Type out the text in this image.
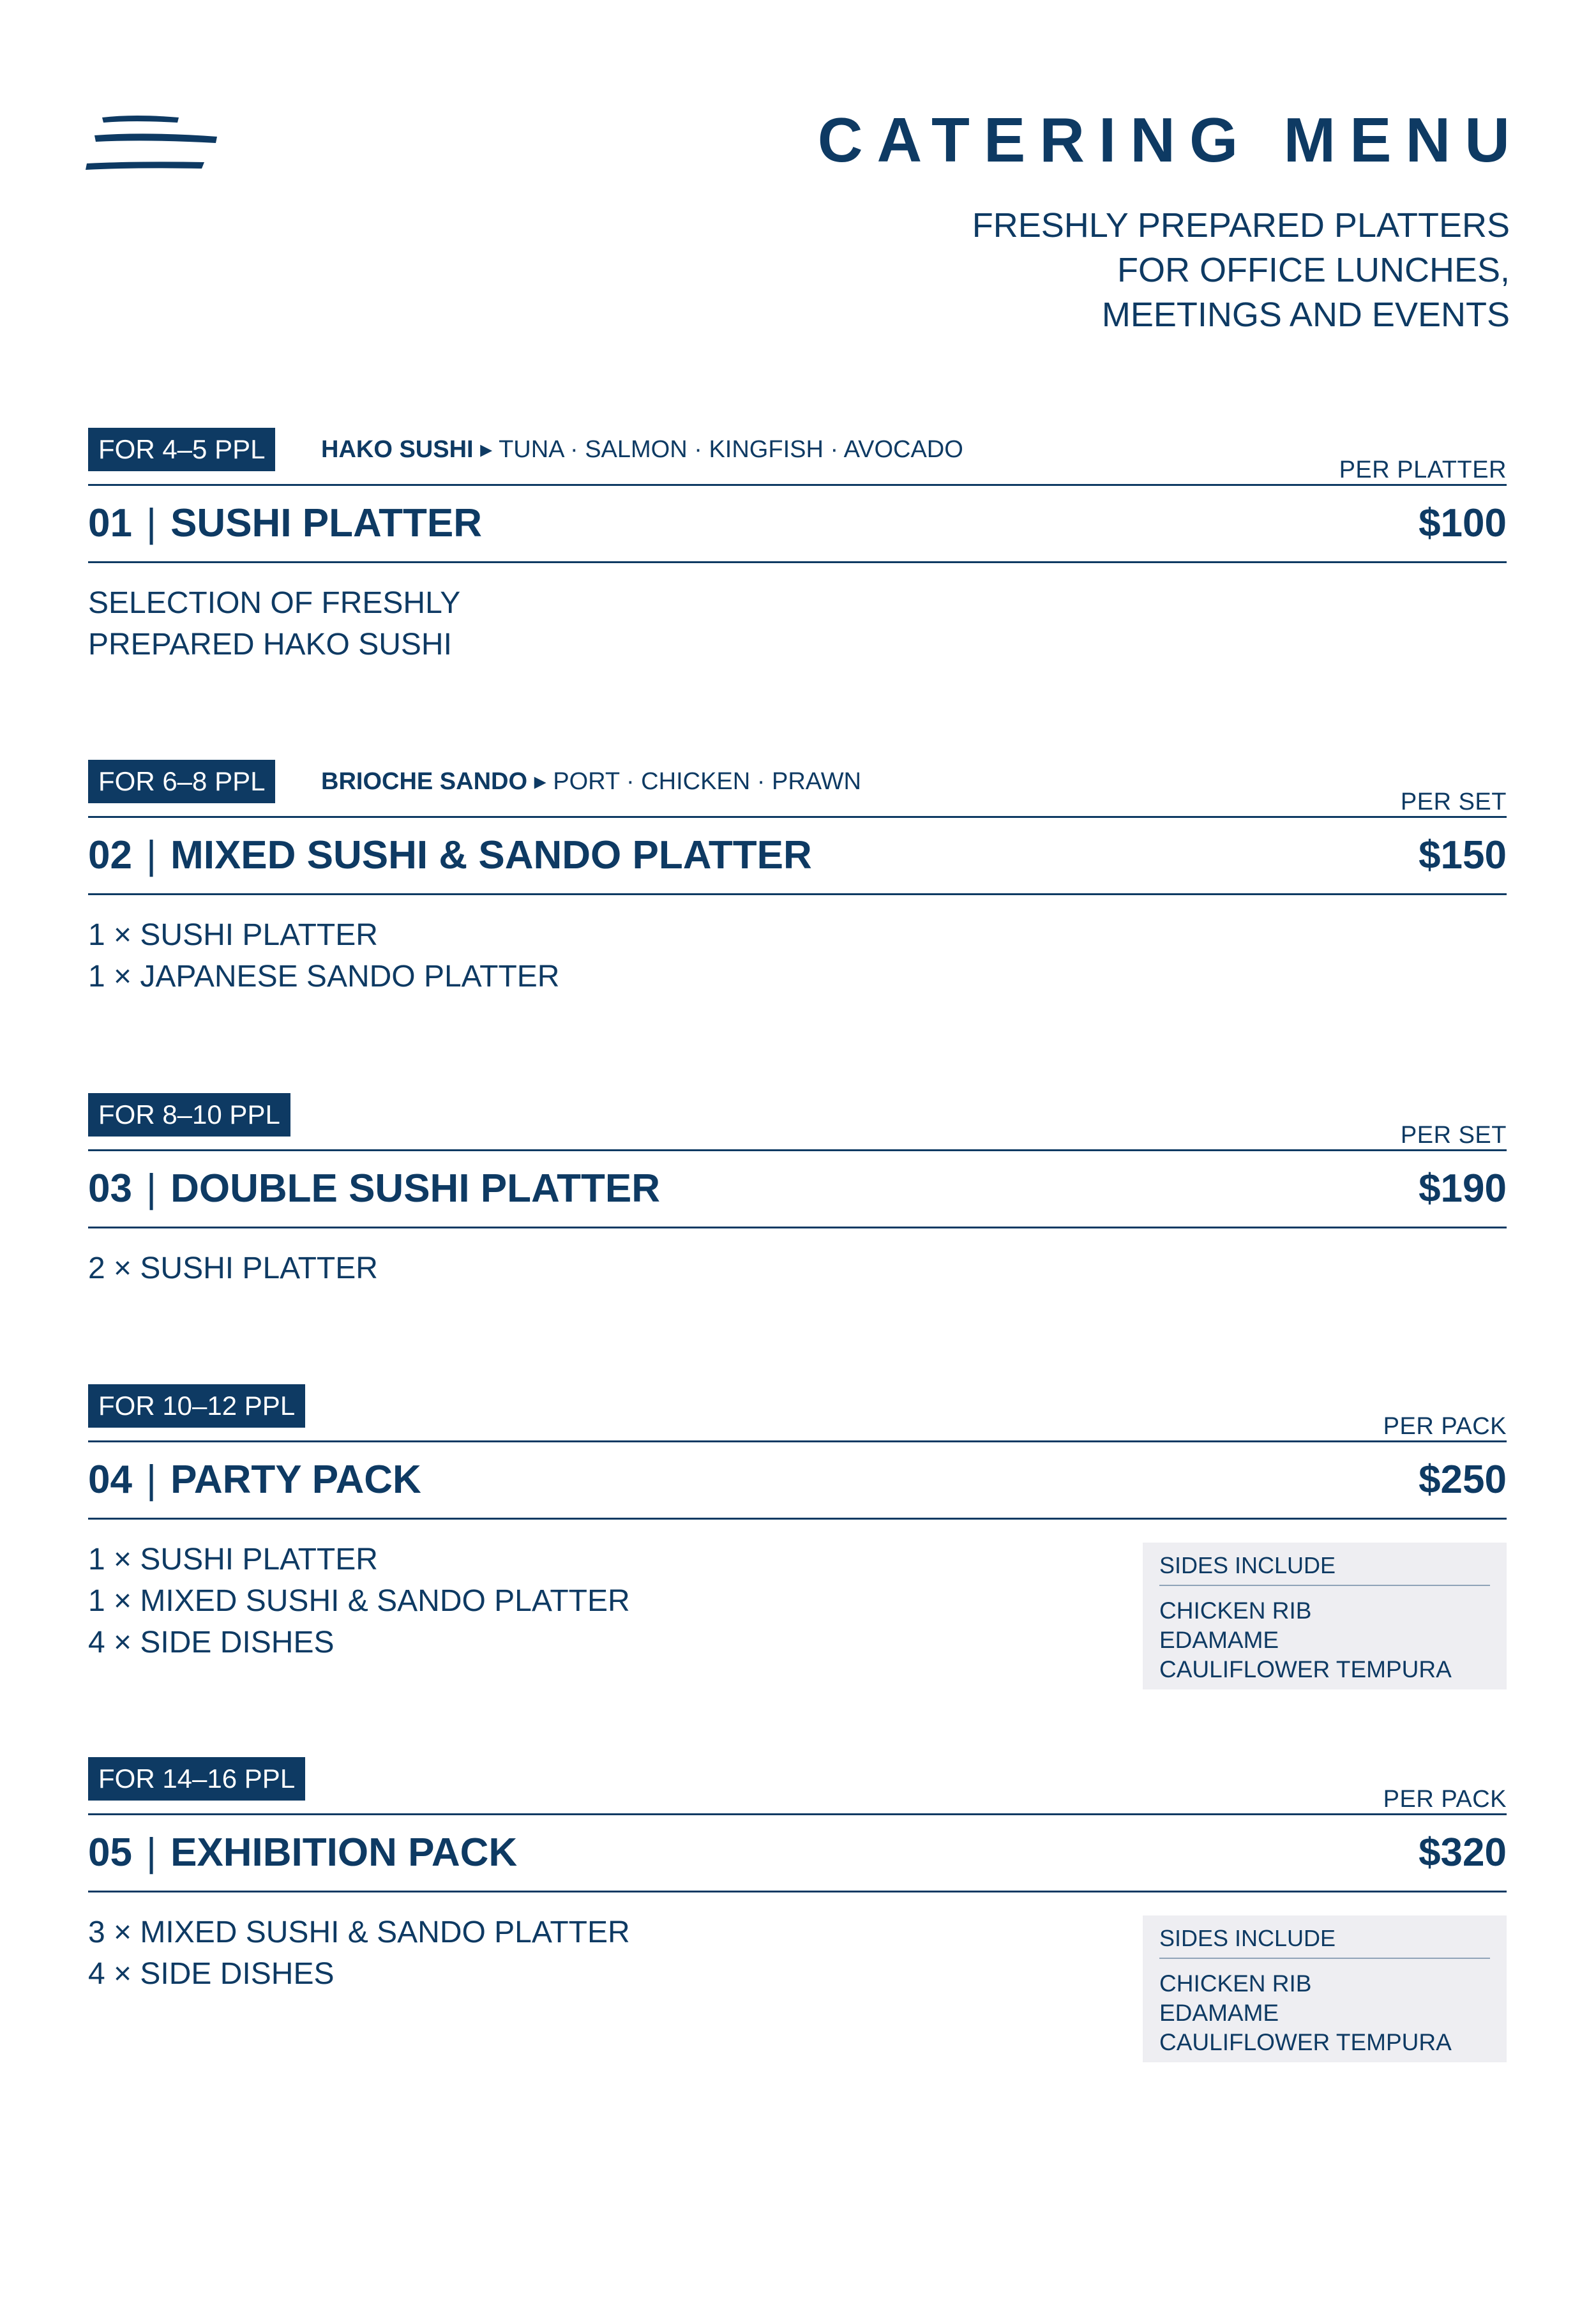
CATERING MENU
FRESHLY PREPARED PLATTERS
FOR OFFICE LUNCHES,
MEETINGS AND EVENTS
FOR 4–5 PPL	HAKO SUSHI ▸ TUNA · SALMON · KINGFISH · AVOCADO
PER PLATTER
01 | SUSHI PLATTER	$100
SELECTION OF FRESHLY
PREPARED HAKO SUSHI
FOR 6–8 PPL	BRIOCHE SANDO ▸ PORT · CHICKEN · PRAWN
PER SET
02 | MIXED SUSHI & SANDO PLATTER	$150
1 × SUSHI PLATTER
1 × JAPANESE SANDO PLATTER
FOR 8–10 PPL
PER SET
03 | DOUBLE SUSHI PLATTER	$190
2 × SUSHI PLATTER
FOR 10–12 PPL
PER PACK
04 | PARTY PACK	$250
1 × SUSHI PLATTER
1 × MIXED SUSHI & SANDO PLATTER
4 × SIDE DISHES
SIDES INCLUDE
CHICKEN RIB
EDAMAME
CAULIFLOWER TEMPURA
FOR 14–16 PPL
PER PACK
05 | EXHIBITION PACK	$320
3 × MIXED SUSHI & SANDO PLATTER
4 × SIDE DISHES
SIDES INCLUDE
CHICKEN RIB
EDAMAME
CAULIFLOWER TEMPURA
